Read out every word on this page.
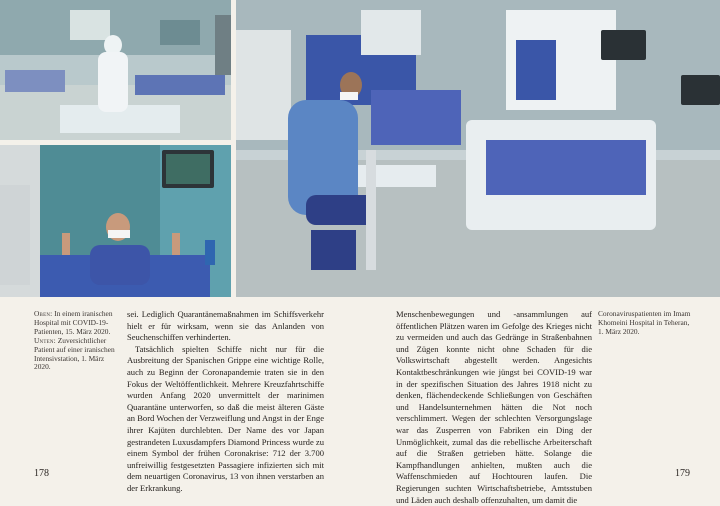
Oben: In einem iranischen Hospital mit COVID-19-Patienten, 15. März 2020.

Unten: Zuversichtlicher Patient auf einer iranischen Intensivstation, 1. März 2020.

sei. Lediglich Quarantänemaßnahmen im Schiffsverkehr hielt er für wirksam, wenn sie das Anlanden von Seuchenschiffen verhinderten.

Tatsächlich spielten Schiffe nicht nur für die Ausbreitung der Spanischen Grippe eine wichtige Rolle, auch zu Beginn der Coronapandemie traten sie in den Fokus der Weltöffentlichkeit. Mehrere Kreuzfahrtschiffe wurden Anfang 2020 unvermittelt der marinimen Quarantäne unterworfen, so daß die meist älteren Gäste an Bord Wochen der Verzweiflung und Angst in der Enge ihrer Kajüten durchlebten. Der Name des vor Japan gestrandeten Luxusdampfers Diamond Princess wurde zu einem Symbol der frühen Coronakrise: 712 der 3.700 unfreiwillig festgesetzten Passagiere infizierten sich mit dem neuartigen Coronavirus, 13 von ihnen verstarben an der Erkrankung.

Menschenbewegungen und -ansammlungen auf öffentlichen Plätzen waren im Gefolge des Krieges nicht zu vermeiden und auch das Gedränge in Straßenbahnen und Zügen konnte nicht ohne Schaden für die Volkswirtschaft abgestellt werden. Angesichts Kontaktbeschränkungen wie jüngst bei COVID-19 war in der spezifischen Situation des Jahres 1918 nicht zu denken, flächendeckende Schließungen von Geschäften und Handelsunternehmen hätten die Not noch verschlimmert. Wegen der schlechten Versorgungslage war das Zusperren von Fabriken ein Ding der Unmöglichkeit, zumal das die rebellische Arbeiterschaft auf die Straßen getrieben hätte. Solange die Kampfhandlungen anhielten, mußten auch die Waffenschmieden auf Hochtouren laufen. Die Regierungen suchten Wirtschaftsbetriebe, Amtsstuben und Läden auch deshalb offenzuhalten, um damit die

Coronaviruspatienten im Imam Khomeini Hospital in Teheran, 1. März 2020.
178	179
